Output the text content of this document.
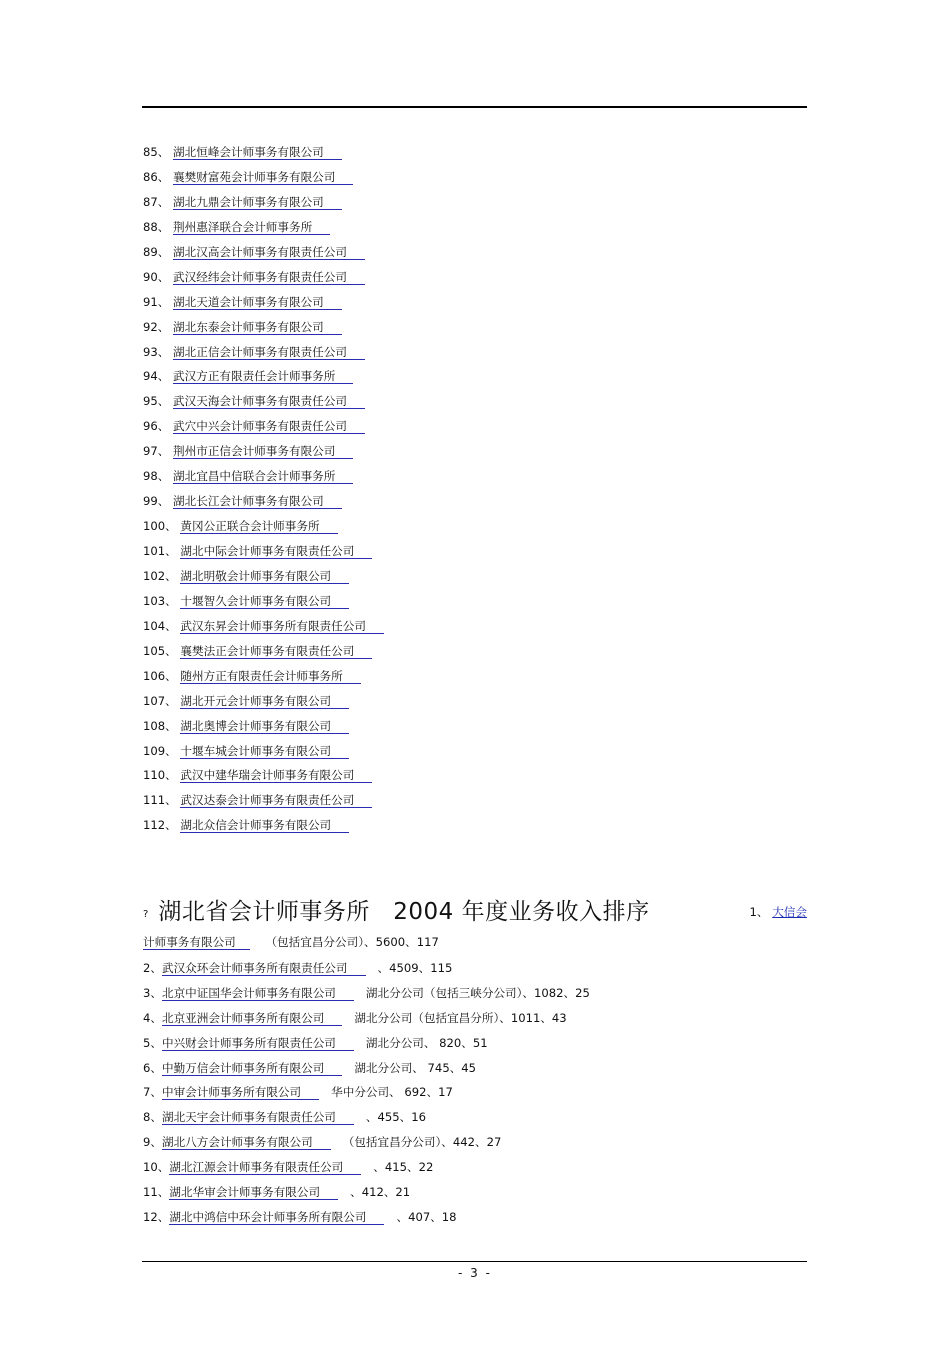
85、 湖北恒峰会计师事务有限公司
86、 襄樊财富苑会计师事务有限公司
87、 湖北九鼎会计师事务有限公司
88、 荆州惠泽联合会计师事务所
89、 湖北汉高会计师事务有限责任公司
90、 武汉经纬会计师事务有限责任公司
91、 湖北天道会计师事务有限公司
92、 湖北东泰会计师事务有限公司
93、 湖北正信会计师事务有限责任公司
94、 武汉方正有限责任会计师事务所
95、 武汉天海会计师事务有限责任公司
96、 武穴中兴会计师事务有限责任公司
97、 荆州市正信会计师事务有限公司
98、 湖北宜昌中信联合会计师事务所
99、 湖北长江会计师事务有限公司
100、 黄冈公正联合会计师事务所
101、 湖北中际会计师事务有限责任公司
102、 湖北明敬会计师事务有限公司
103、 十堰智久会计师事务有限公司
104、 武汉东昇会计师事务所有限责任公司
105、 襄樊法正会计师事务有限责任公司
106、 随州方正有限责任会计师事务所
107、 湖北开元会计师事务有限公司
108、 湖北奥博会计师事务有限公司
109、 十堰车城会计师事务有限公司
110、 武汉中建华瑞会计师事务有限公司
111、 武汉达泰会计师事务有限责任公司
112、 湖北众信会计师事务有限公司
? 湖北省会计师事务所 2004 年度业务收入排序	1、 大信会
计师事务有限公司	（包括宜昌分公司）、5600、117
2、武汉众环会计师事务所有限责任公司	、4509、115
3、北京中证国华会计师事务有限公司	湖北分公司（包括三峡分公司）、1082、25
4、北京亚洲会计师事务所有限公司	湖北分公司（包括宜昌分所）、1011、43
5、中兴财会计师事务所有限责任公司	湖北分公司、 820、51
6、中勤万信会计师事务所有限公司	湖北分公司、 745、45
7、中审会计师事务所有限公司	华中分公司、 692、17
8、湖北天宇会计师事务有限责任公司	、455、16
9、湖北八方会计师事务有限公司	（包括宜昌分公司）、442、27
10、湖北江源会计师事务有限责任公司	、415、22
11、湖北华审会计师事务有限公司	、412、21
12、湖北中鸿信中环会计师事务所有限公司	、407、18
- 3 -
